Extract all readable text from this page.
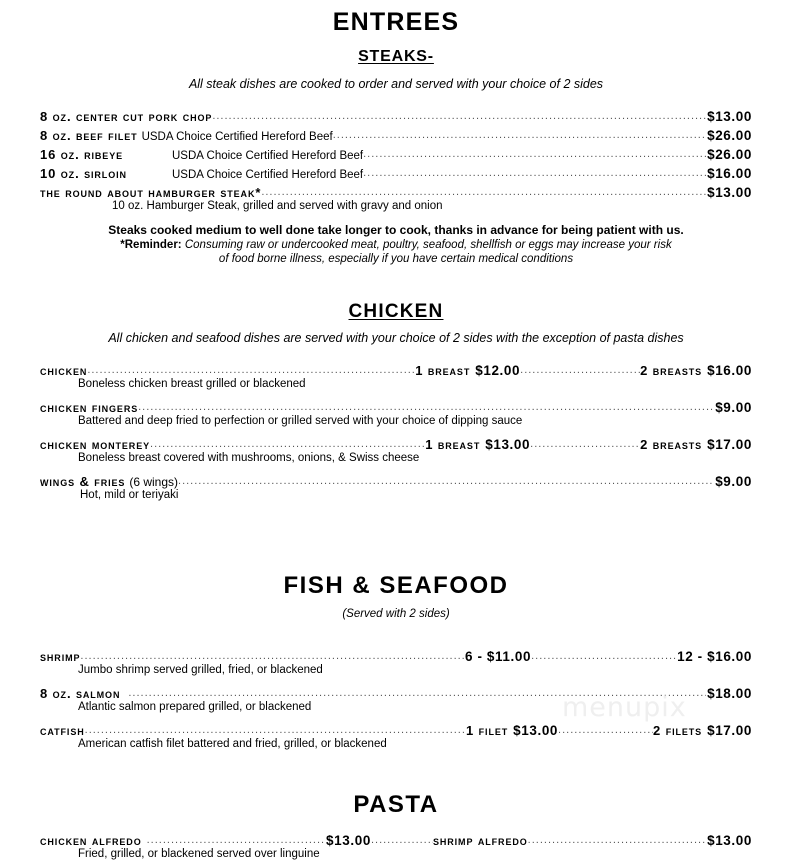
ENTREES
STEAKS-
All steak dishes are cooked to order and served with your choice of 2 sides
8 oz. center cut pork chop .....	$13.00
8 oz. beef filet USDA Choice Certified Hereford Beef .....	$26.00
16 oz. ribeye	USDA Choice Certified Hereford Beef .....	$26.00
10 oz. sirloin	USDA Choice Certified Hereford Beef .....	$16.00
the round about hamburger steak* .....	$13.00
10 oz. Hamburger Steak, grilled and served with gravy and onion
Steaks cooked medium to well done take longer to cook, thanks in advance for being patient with us.
*Reminder: Consuming raw or undercooked meat, poultry, seafood, shellfish or eggs may increase your risk
of food borne illness, especially if you have certain medical conditions
CHICKEN
All chicken and seafood dishes are served with your choice of 2 sides with the exception of pasta dishes
chicken .....	1 breast $12.00 .....	2 breasts $16.00
Boneless chicken breast grilled or blackened
chicken fingers .....	$9.00
Battered and deep fried to perfection or grilled served with your choice of dipping sauce
chicken monterey .....	1 breast $13.00 .....	2 breasts $17.00
Boneless breast covered with mushrooms, onions, & Swiss cheese
wings & fries (6 wings) .....	$9.00
Hot, mild or teriyaki
FISH & SEAFOOD
(Served with 2 sides)
shrimp .....	6 - $11.00 .....	12 - $16.00
Jumbo shrimp served grilled, fried, or blackened
8 oz. salmon .....	$18.00
Atlantic salmon prepared grilled, or blackened
catfish .....	1 filet $13.00 .....	2 filets $17.00
American catfish filet battered and fried, grilled, or blackened
PASTA
chicken alfredo .....	$13.00 .....	shrimp alfredo .....	$13.00
Fried, grilled, or blackened served over linguine
menupix
